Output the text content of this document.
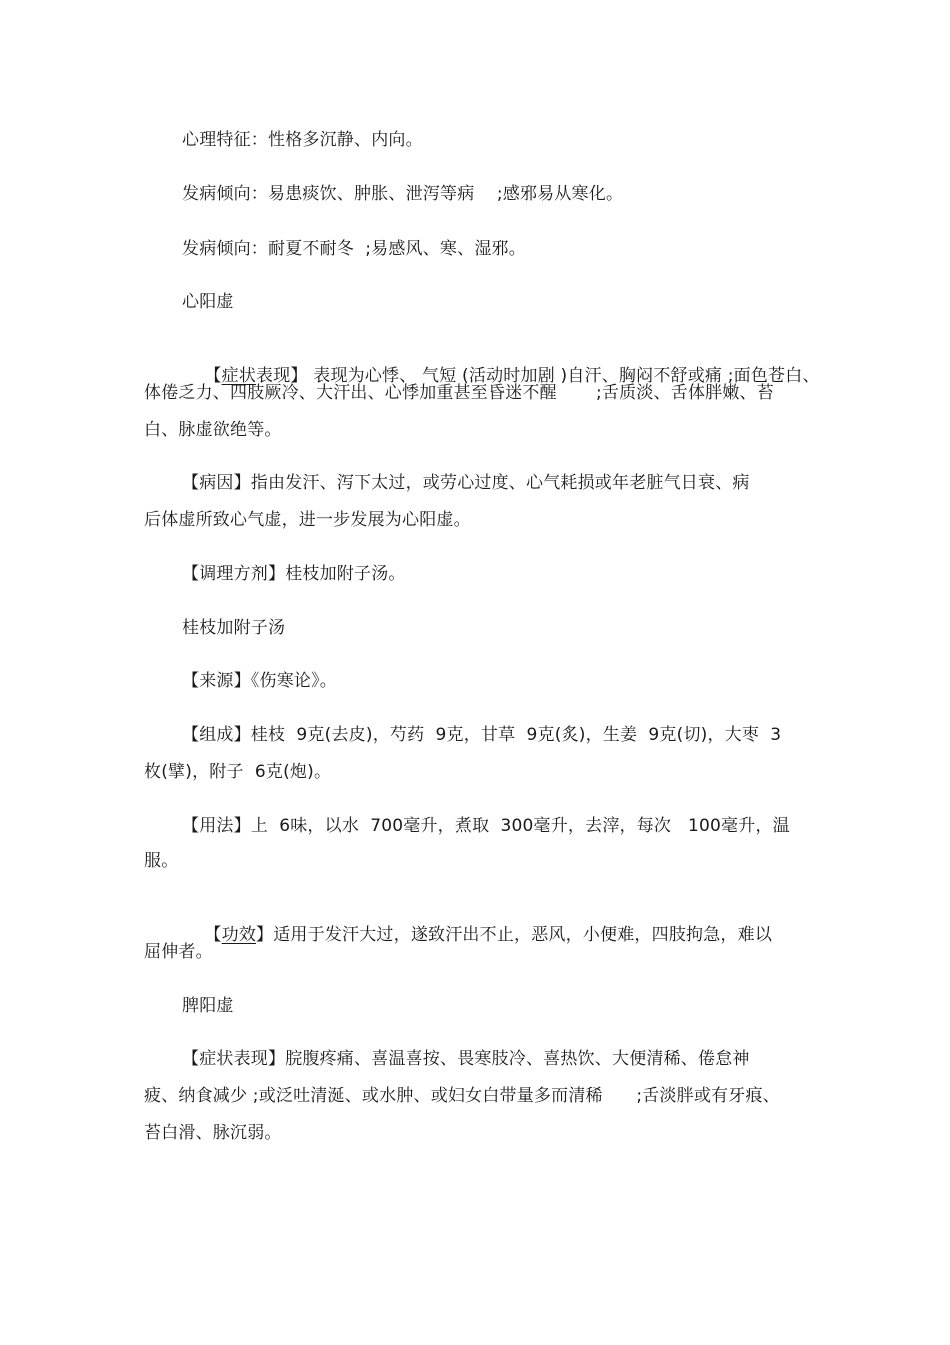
心理特征：性格多沉静、内向。
发病倾向：易患痰饮、肿胀、泄泻等病    ;感邪易从寒化。
发病倾向：耐夏不耐冬  ;易感风、寒、湿邪。
心阳虚

【症状表现】 表现为心悸、 气短 (活动时加剧 )自汗、胸闷不舒或痛 ;面色苍白、

体倦乏力、四肢厥冷、大汗出、心悸加重甚至昏迷不醒       ;舌质淡、舌体胖嫩、苔
白、脉虚欲绝等。
【病因】指由发汗、泻下太过，或劳心过度、心气耗损或年老脏气日衰、病
后体虚所致心气虚，进一步发展为心阳虚。
【调理方剂】桂枝加附子汤。
桂枝加附子汤
【来源】《伤寒论》。
【组成】桂枝  9克(去皮)，芍药  9克，甘草  9克(炙)，生姜  9克(切)，大枣  3
枚(擘)，附子  6克(炮)。
【用法】上  6味，以水  700毫升，煮取  300毫升，去滓，每次   100毫升，温
服。

【功效】适用于发汗大过，遂致汗出不止，恶风，小便难，四肢拘急，难以

屈伸者。
脾阳虚
【症状表现】脘腹疼痛、喜温喜按、畏寒肢冷、喜热饮、大便清稀、倦怠神
疲、纳食减少 ;或泛吐清涎、或水肿、或妇女白带量多而清稀      ;舌淡胖或有牙痕、
苔白滑、脉沉弱。
